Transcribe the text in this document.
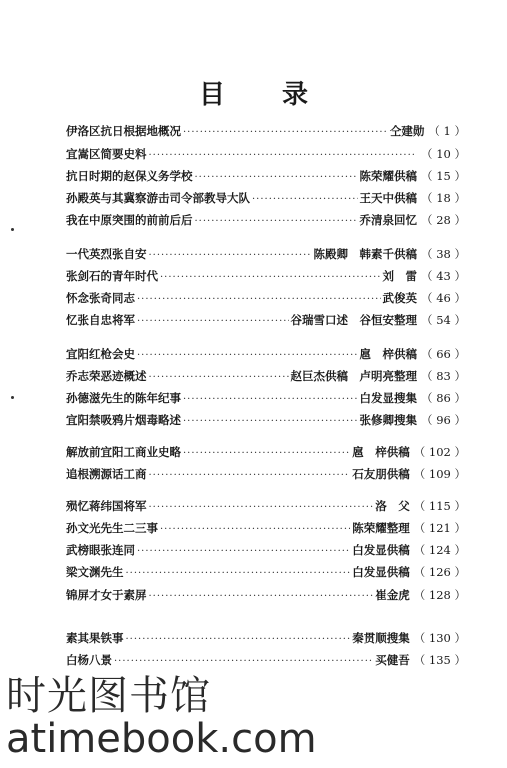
目 录
伊洛区抗日根据地概况 ·····	仝建勋 （ 1 ）
宜嵩区简要史料 ·····	（ 10 ）
抗日时期的赵保义务学校 ·····	陈荣耀供稿 （ 15 ）
孙殿英与其冀察游击司令部教导大队 ·····	王天中供稿 （ 18 ）
我在中原突围的前前后后 ·····	乔清泉回忆 （ 28 ）
一代英烈张自安 ·····	陈殿卿　韩素千供稿 （ 38 ）
张剑石的青年时代 ·····	刘　雷 （ 43 ）
怀念张奇同志 ·····	武俊英 （ 46 ）
忆张自忠将军 ·····	谷瑞雪口述　谷恒安整理 （ 54 ）
宜阳红枪会史 ·····	扈　梓供稿 （ 66 ）
乔志荣恶迹概述 ·····	赵巨杰供稿　卢明亮整理 （ 83 ）
孙德滋先生的陈年纪事 ·····	白发显搜集 （ 86 ）
宜阳禁吸鸦片烟毒略述 ·····	张修卿搜集 （ 96 ）
解放前宜阳工商业史略 ·····	扈　梓供稿 （ 102 ）
追根溯源话工商 ·····	石友朋供稿 （ 109 ）
殒忆蒋纬国将军 ·····	洛　父 （ 115 ）
孙文光先生二三事 ·····	陈荣耀整理 （ 121 ）
武榜眼张连同 ·····	白发显供稿 （ 124 ）
梁文渊先生 ·····	白发显供稿 （ 126 ）
锦屏才女于素屏 ·····	崔金虎 （ 128 ）
素其果铁事 ·····	秦贯顺搜集 （ 130 ）
白杨八景 ·····	买健吾 （ 135 ）
时光图书馆
atimebook.com
